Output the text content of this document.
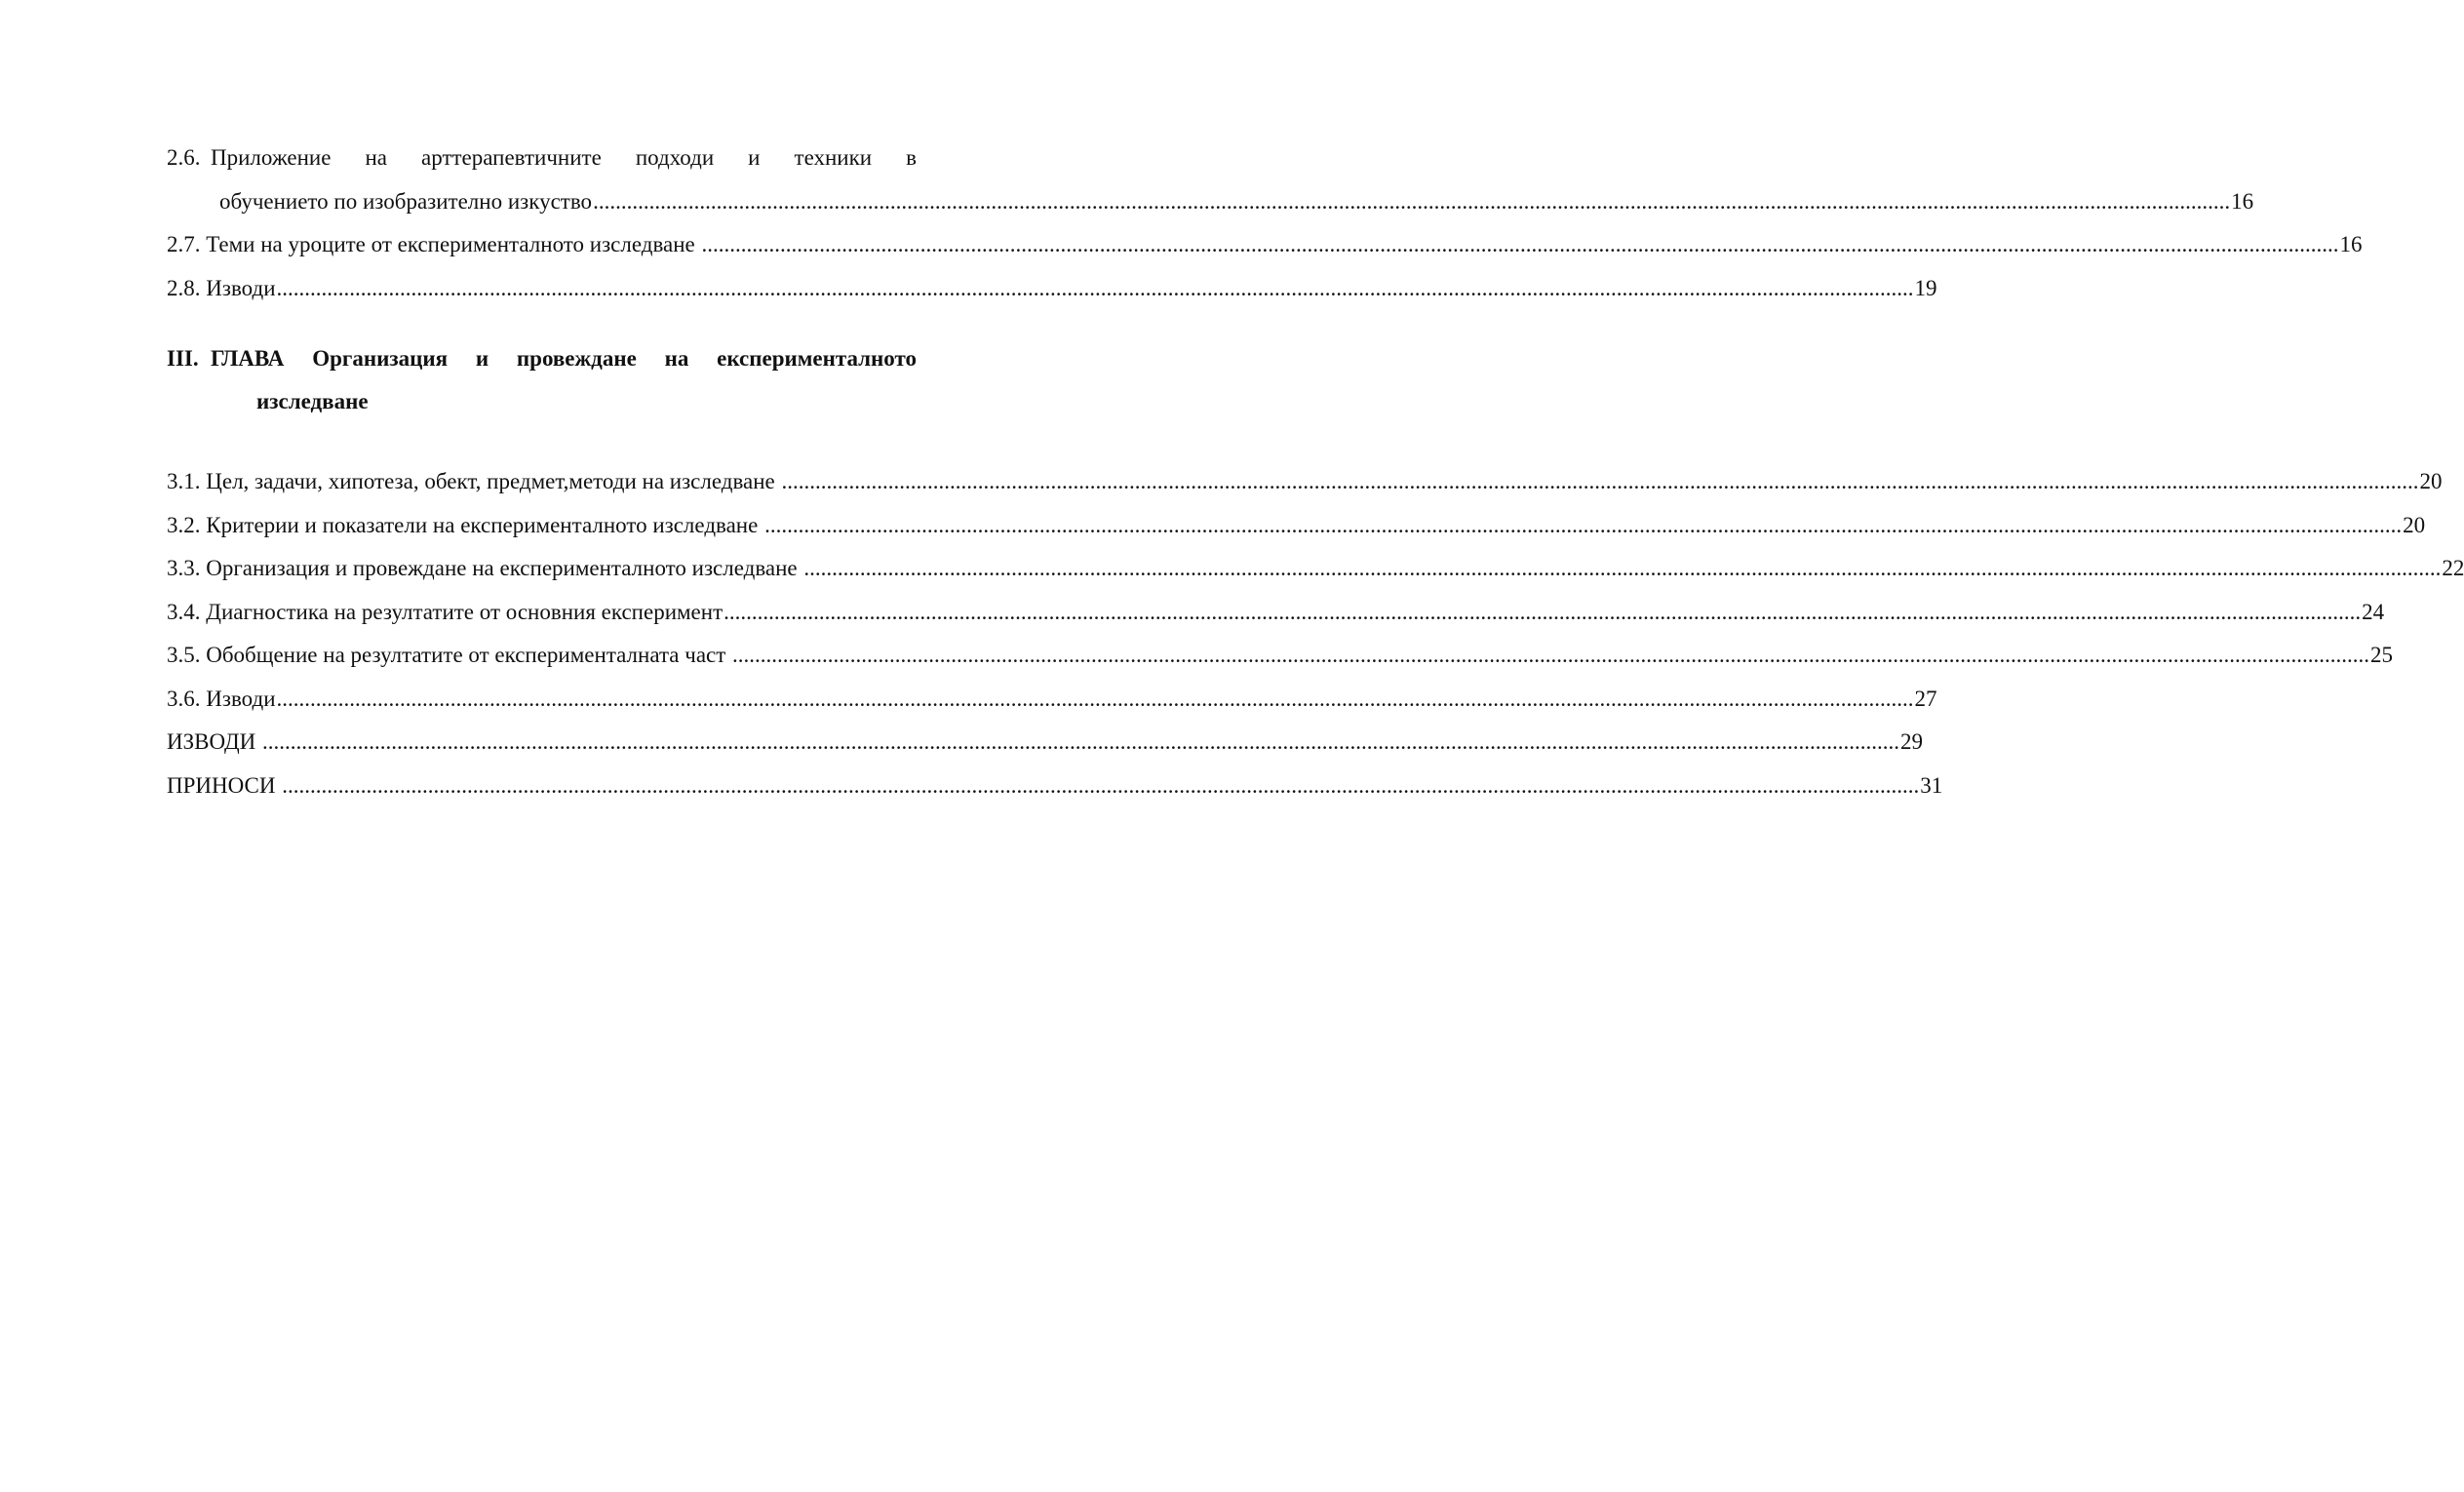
2.6. Приложение на арттерапевтичните подходи и техники в
обучението по изобразително изкуство .....	16
2.7. Теми на уроците от експерименталното изследване .....	16
2.8. Изводи .....	19
III. ГЛАВА Организация и провеждане на експерименталното
изследване
3.1. Цел, задачи, хипотеза, обект, предмет,методи на изследване .....	20
3.2. Критерии и показатели на експерименталното изследване .....	20
3.3. Организация и провеждане на експерименталното изследване .....	22
3.4. Диагностика на резултатите от основния експеримент .....	24
3.5. Обобщение на резултатите от експерименталната част .....	25
3.6. Изводи .....	27
ИЗВОДИ .....	29
ПРИНОСИ .....	31
